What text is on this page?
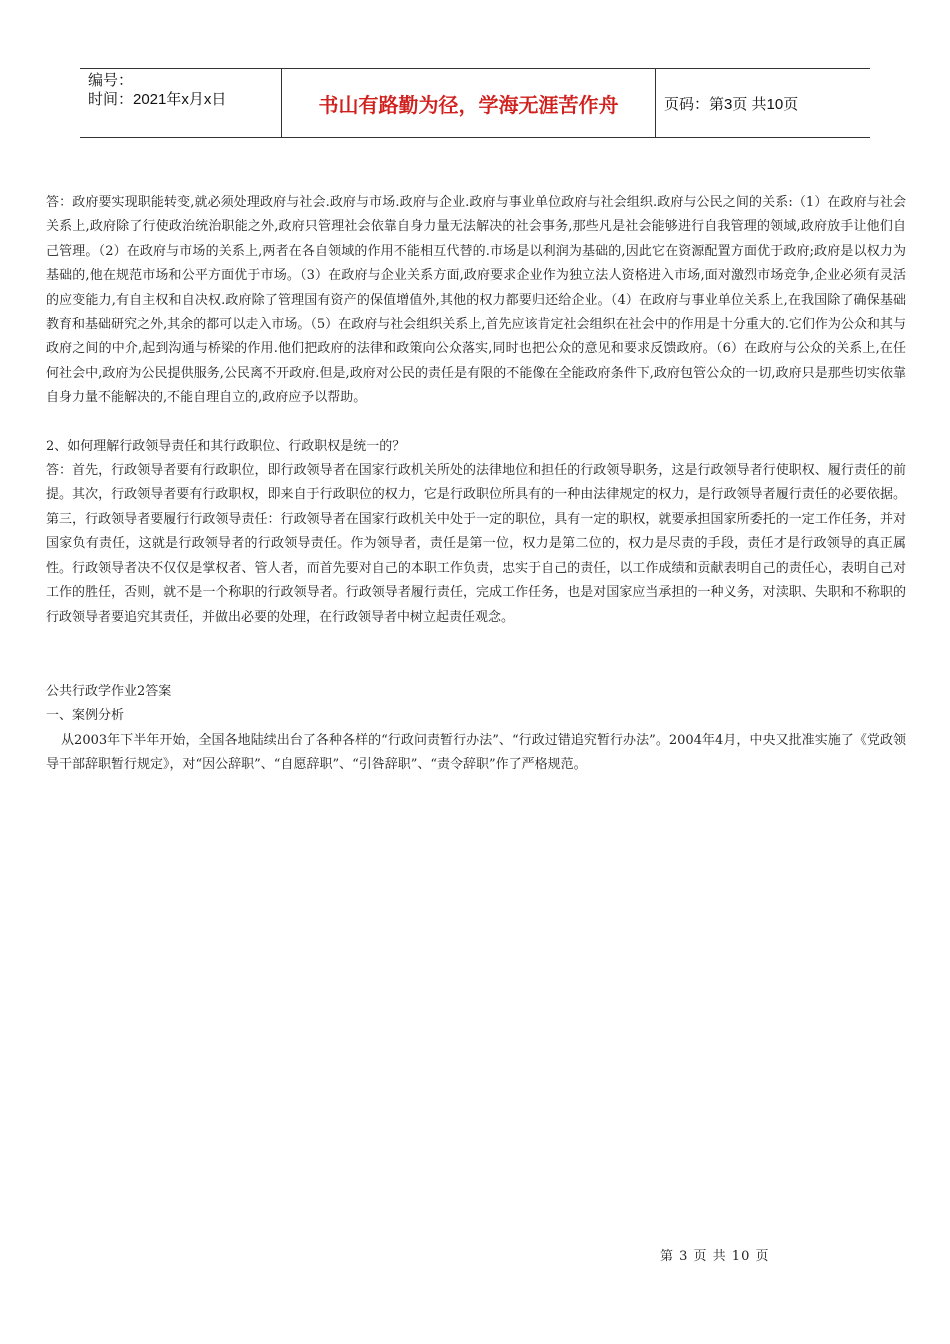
编号：
时间：2021年x月x日	书山有路勤为径，学海无涯苦作舟	页码：第3页 共10页

答：政府要实现职能转变,就必须处理政府与社会.政府与市场.政府与企业.政府与事业单位政府与社会组织.政府与公民之间的关系:（1）在政府与社会关系上,政府除了行使政治统治职能之外,政府只管理社会依靠自身力量无法解决的社会事务,那些凡是社会能够进行自我管理的领域,政府放手让他们自己管理。（2）在政府与市场的关系上,两者在各自领域的作用不能相互代替的.市场是以利润为基础的,因此它在资源配置方面优于政府;政府是以权力为基础的,他在规范市场和公平方面优于市场。（3）在政府与企业关系方面,政府要求企业作为独立法人资格进入市场,面对激烈市场竞争,企业必须有灵活的应变能力,有自主权和自决权.政府除了管理国有资产的保值增值外,其他的权力都要归还给企业。（4）在政府与事业单位关系上,在我国除了确保基础教育和基础研究之外,其余的都可以走入市场。（5）在政府与社会组织关系上,首先应该肯定社会组织在社会中的作用是十分重大的.它们作为公众和其与政府之间的中介,起到沟通与桥梁的作用.他们把政府的法律和政策向公众落实,同时也把公众的意见和要求反馈政府。（6）在政府与公众的关系上,在任何社会中,政府为公民提供服务,公民离不开政府.但是,政府对公民的责任是有限的不能像在全能政府条件下,政府包管公众的一切,政府只是那些切实依靠自身力量不能解决的,不能自理自立的,政府应予以帮助。

2、如何理解行政领导责任和其行政职位、行政职权是统一的？

答：首先，行政领导者要有行政职位，即行政领导者在国家行政机关所处的法律地位和担任的行政领导职务，这是行政领导者行使职权、履行责任的前提。其次，行政领导者要有行政职权，即来自于行政职位的权力，它是行政职位所具有的一种由法律规定的权力，是行政领导者履行责任的必要依据。第三，行政领导者要履行行政领导责任：行政领导者在国家行政机关中处于一定的职位，具有一定的职权，就要承担国家所委托的一定工作任务，并对国家负有责任，这就是行政领导者的行政领导责任。作为领导者，责任是第一位，权力是第二位的，权力是尽责的手段，责任才是行政领导的真正属性。行政领导者决不仅仅是掌权者、管人者，而首先要对自己的本职工作负责，忠实于自己的责任，以工作成绩和贡献表明自己的责任心，表明自己对工作的胜任，否则，就不是一个称职的行政领导者。行政领导者履行责任，完成工作任务，也是对国家应当承担的一种义务，对渎职、失职和不称职的行政领导者要追究其责任，并做出必要的处理，在行政领导者中树立起责任观念。

公共行政学作业2答案

一、案例分析

从2003年下半年开始，全国各地陆续出台了各种各样的“行政问责暂行办法”、“行政过错追究暂行办法”。2004年4月，中央又批准实施了《党政领导干部辞职暂行规定》，对“因公辞职”、“自愿辞职”、“引咎辞职”、“责令辞职”作了严格规范。

第 3 页 共 10 页
